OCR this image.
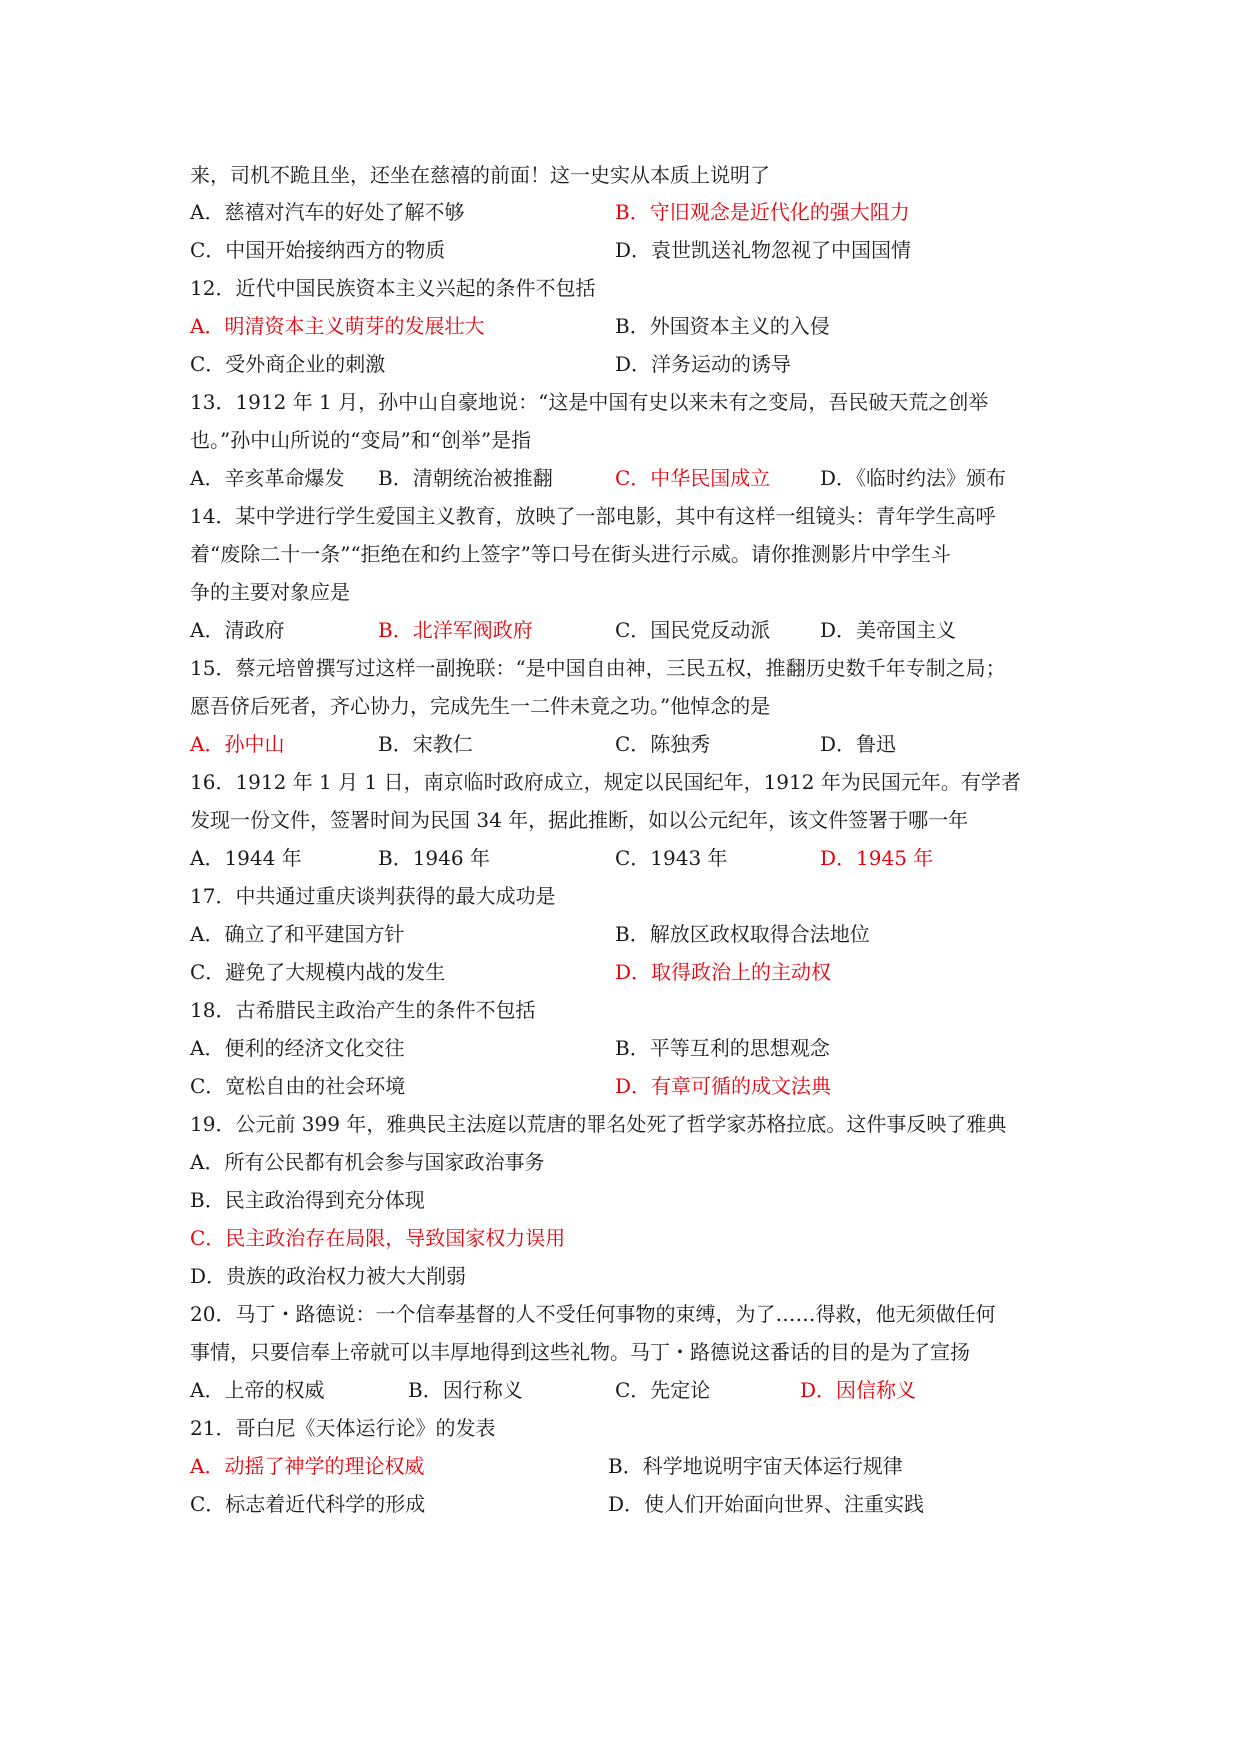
来，司机不跪且坐，还坐在慈禧的前面！这一史实从本质上说明了
A．慈禧对汽车的好处了解不够	B．守旧观念是近代化的强大阻力
C．中国开始接纳西方的物质	D．袁世凯送礼物忽视了中国国情
12．近代中国民族资本主义兴起的条件不包括
A．明清资本主义萌芽的发展壮大	B．外国资本主义的入侵
C．受外商企业的刺激	D．洋务运动的诱导
13．1912 年 1 月，孙中山自豪地说：“这是中国有史以来未有之变局，吾民破天荒之创举
也。”孙中山所说的“变局”和“创举”是指
A．辛亥革命爆发 B．清朝统治被推翻	C．中华民国成立 D．《临时约法》颁布
14．某中学进行学生爱国主义教育，放映了一部电影，其中有这样一组镜头：青年学生高呼
着“废除二十一条”“拒绝在和约上签字”等口号在街头进行示威。请你推测影片中学生斗
争的主要对象应是
A．清政府	B．北洋军阀政府	C．国民党反动派 D．美帝国主义
15．蔡元培曾撰写过这样一副挽联：“是中国自由神，三民五权，推翻历史数千年专制之局；
愿吾侪后死者，齐心协力，完成先生一二件未竟之功。”他悼念的是
A．孙中山	B．宋教仁	C．陈独秀	D．鲁迅
16．1912 年 1 月 1 日，南京临时政府成立，规定以民国纪年，1912 年为民国元年。有学者
发现一份文件，签署时间为民国 34 年，据此推断，如以公元纪年，该文件签署于哪一年
A．1944 年	B．1946 年	C．1943 年	D．1945 年
17．中共通过重庆谈判获得的最大成功是
A．确立了和平建国方针	B．解放区政权取得合法地位
C．避免了大规模内战的发生	D．取得政治上的主动权
18．古希腊民主政治产生的条件不包括
A．便利的经济文化交往	B．平等互利的思想观念
C．宽松自由的社会环境	D．有章可循的成文法典
19．公元前 399 年，雅典民主法庭以荒唐的罪名处死了哲学家苏格拉底。这件事反映了雅典
A．所有公民都有机会参与国家政治事务
B．民主政治得到充分体现
C．民主政治存在局限，导致国家权力误用
D．贵族的政治权力被大大削弱
20．马丁・路德说：一个信奉基督的人不受任何事物的束缚，为了……得救，他无须做任何
事情，只要信奉上帝就可以丰厚地得到这些礼物。马丁・路德说这番话的目的是为了宣扬
A．上帝的权威	B．因行称义	C．先定论	D．因信称义
21．哥白尼《天体运行论》的发表
A．动摇了神学的理论权威	B．科学地说明宇宙天体运行规律
C．标志着近代科学的形成	D．使人们开始面向世界、注重实践
